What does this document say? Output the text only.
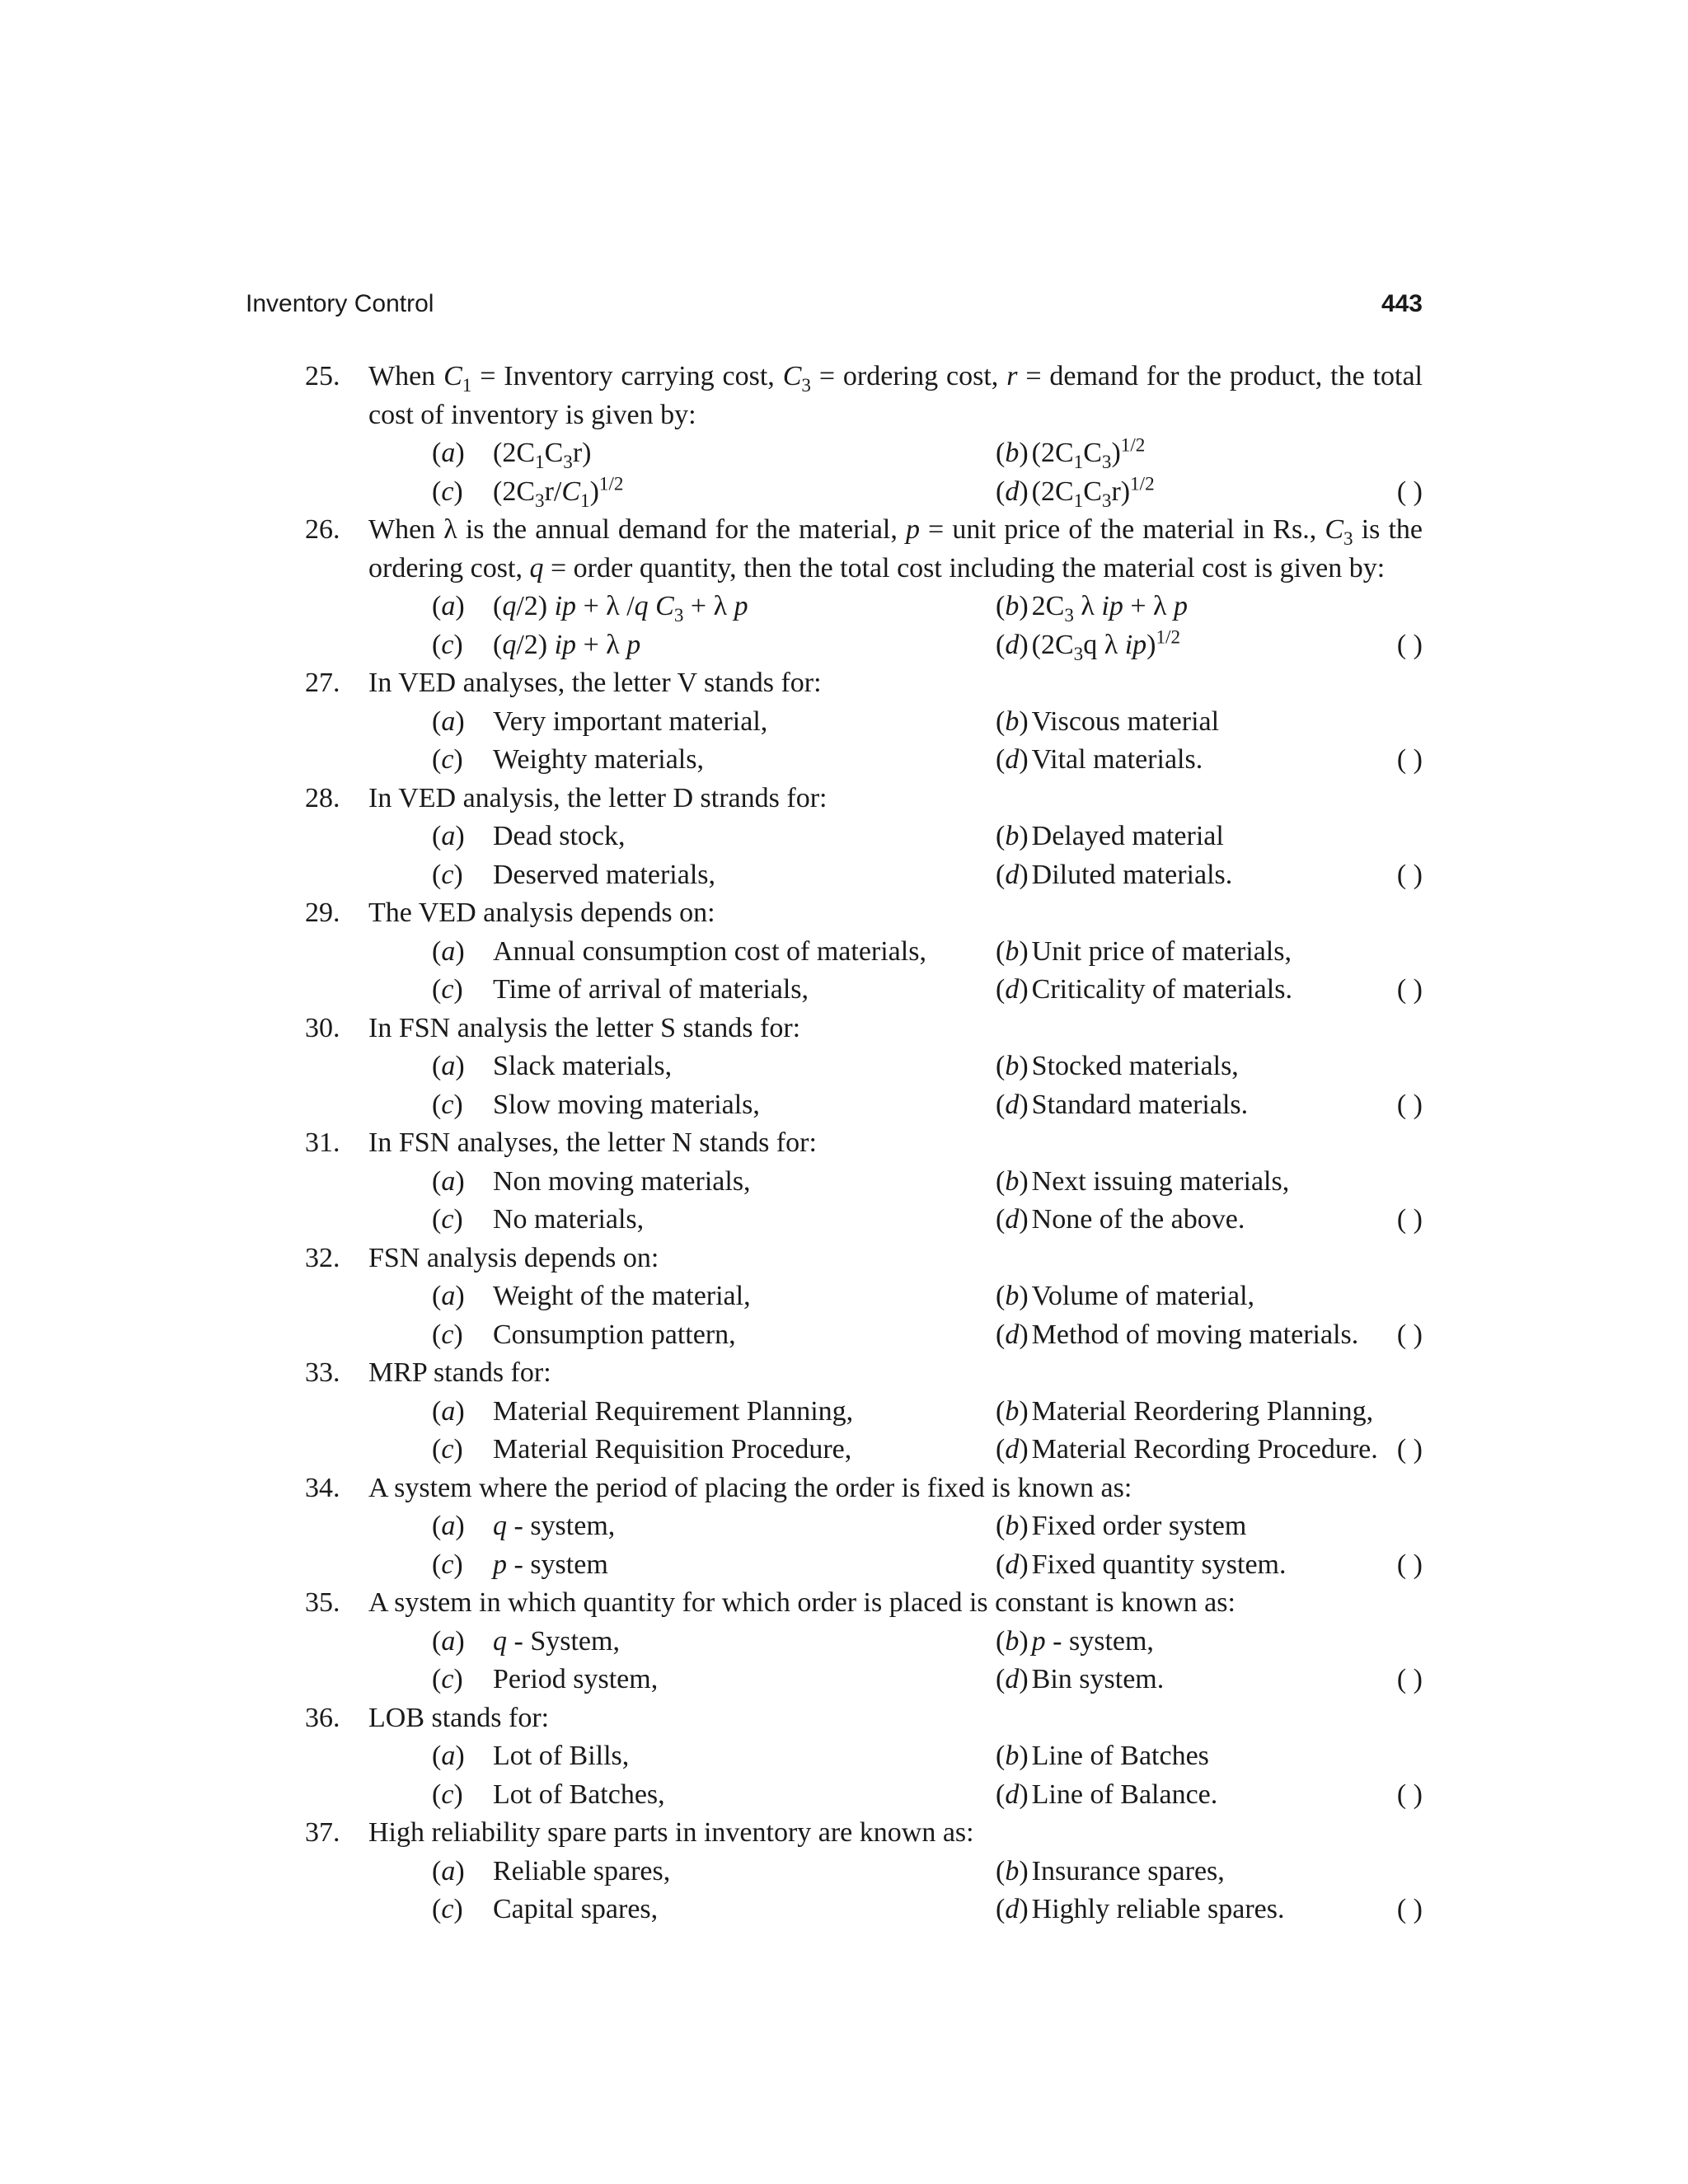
Inventory Control	443
25. When $C_1$ = Inventory carrying cost, $C_3$ = ordering cost, r = demand for the product, the total cost of inventory is given by:
(a) $(2C_1C_3r)$	(b) $(2C_1C_3)^{1/2}$
(c) $(2C_3r/C_1)^{1/2}$	(d) $(2C_1C_3r)^{1/2}$	( )
26. When λ is the annual demand for the material, p = unit price of the material in Rs., $C_3$ is the ordering cost, q = order quantity, then the total cost including the material cost is given by:
(a) (q/2) ip + λ /q $C_3 + \lambda$ p	(b) $2C_3$ λ ip + λ p
(c) (q/2) ip + λ p	(d) ($2C_3q$ λ ip)$^{1/2}$	( )
27. In VED analyses, the letter V stands for:
(a) Very important material,	(b) Viscous material
(c) Weighty materials,	(d) Vital materials.	( )
28. In VED analysis, the letter D strands for:
(a) Dead stock,	(b) Delayed material
(c) Deserved materials,	(d) Diluted materials.	( )
29. The VED analysis depends on:
(a) Annual consumption cost of materials, (b) Unit price of materials,
(c) Time of arrival of materials,	(d) Criticality of materials.	( )
30. In FSN analysis the letter S stands for:
(a) Slack materials,	(b) Stocked materials,
(c) Slow moving materials,	(d) Standard materials.	( )
31. In FSN analyses, the letter N stands for:
(a) Non moving materials,	(b) Next issuing materials,
(c) No materials,	(d) None of the above.	( )
32. FSN analysis depends on:
(a) Weight of the material,	(b) Volume of material,
(c) Consumption pattern,	(d) Method of moving materials. ( )
33. MRP stands for:
(a) Material Requirement Planning,	(b) Material Reordering Planning,
(c) Material Requisition Procedure,	(d) Material Recording Procedure. ( )
34. A system where the period of placing the order is fixed is known as:
(a) q - system,	(b) Fixed order system
(c) p - system	(d) Fixed quantity system.	( )
35. A system in which quantity for which order is placed is constant is known as:
(a) q - System,	(b) p - system,
(c) Period system,	(d) Bin system.	( )
36. LOB stands for:
(a) Lot of Bills,	(b) Line of Batches
(c) Lot of Batches,	(d) Line of Balance.	( )
37. High reliability spare parts in inventory are known as:
(a) Reliable spares,	(b) Insurance spares,
(c) Capital spares,	(d) Highly reliable spares.	( )
